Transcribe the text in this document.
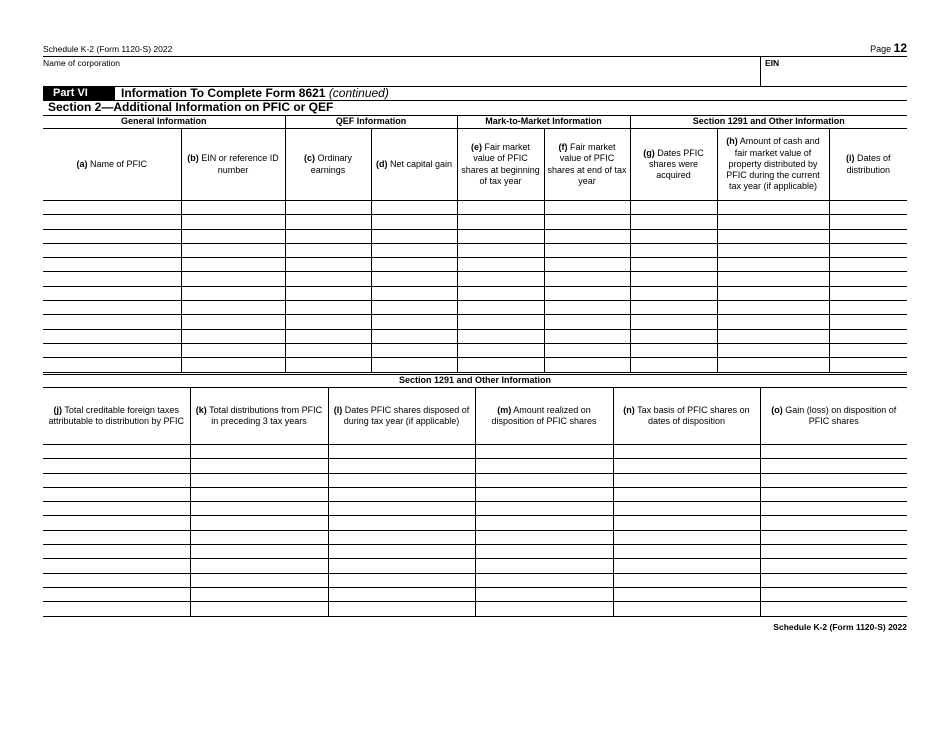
Schedule K-2 (Form 1120-S) 2022	Page 12
Name of corporation	EIN
Part VI	Information To Complete Form 8621 (continued)
Section 2—Additional Information on PFIC or QEF
General Information		QEF Information		Mark-to-Market Information		Section 1291 and Other Information		
(a) Name of PFIC	(b) EIN or reference ID number	(c) Ordinary earnings	(d) Net capital gain	(e) Fair market value of PFIC shares at beginning of tax year	(f) Fair market value of PFIC shares at end of tax year	(g) Dates PFIC shares were acquired	(h) Amount of cash and fair market value of property distributed by PFIC during the current tax year (if applicable)	(i) Dates of distribution

Section 1291 and Other Information					
(j) Total creditable foreign taxes attributable to distribution by PFIC	(k) Total distributions from PFIC in preceding 3 tax years	(l) Dates PFIC shares disposed of during tax year (if applicable)	(m) Amount realized on disposition of PFIC shares	(n) Tax basis of PFIC shares on dates of disposition	(o) Gain (loss) on disposition of PFIC shares

Schedule K-2 (Form 1120-S) 2022
